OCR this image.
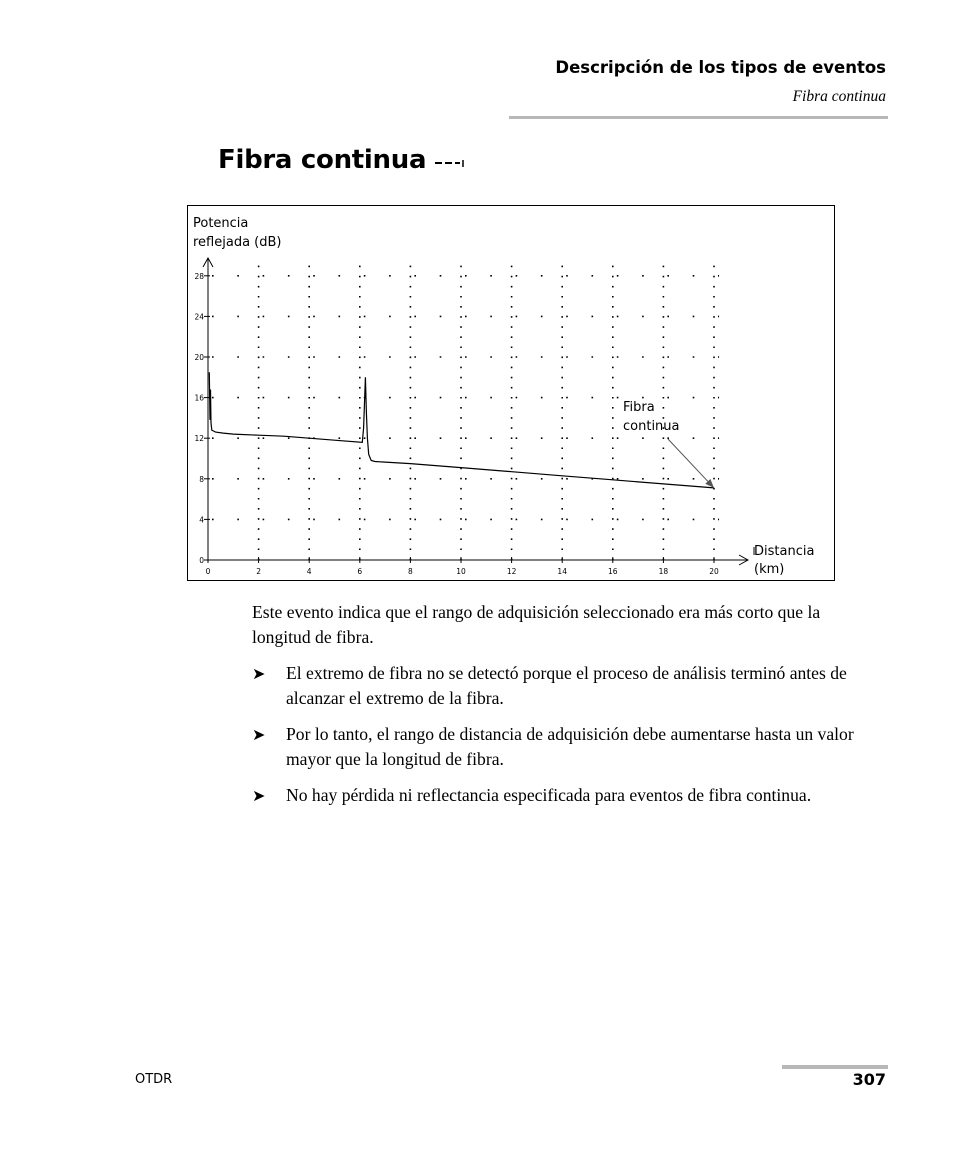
Descripción de los tipos de eventos
Fibra continua
Fibra continua
0	2	4	6	8	10	12	14	16	18	20
0
4
8
12
16
20
24
28
Potencia
reflejada (dB)
Distancia
(km)
Fibra
continua

Este evento indica que el rango de adquisición seleccionado era más corto que la longitud de fibra.

➤ El extremo de fibra no se detectó porque el proceso de análisis terminó antes de alcanzar el extremo de la fibra.
➤ Por lo tanto, el rango de distancia de adquisición debe aumentarse hasta un valor mayor que la longitud de fibra.
➤ No hay pérdida ni reflectancia especificada para eventos de fibra continua.
OTDR	307
